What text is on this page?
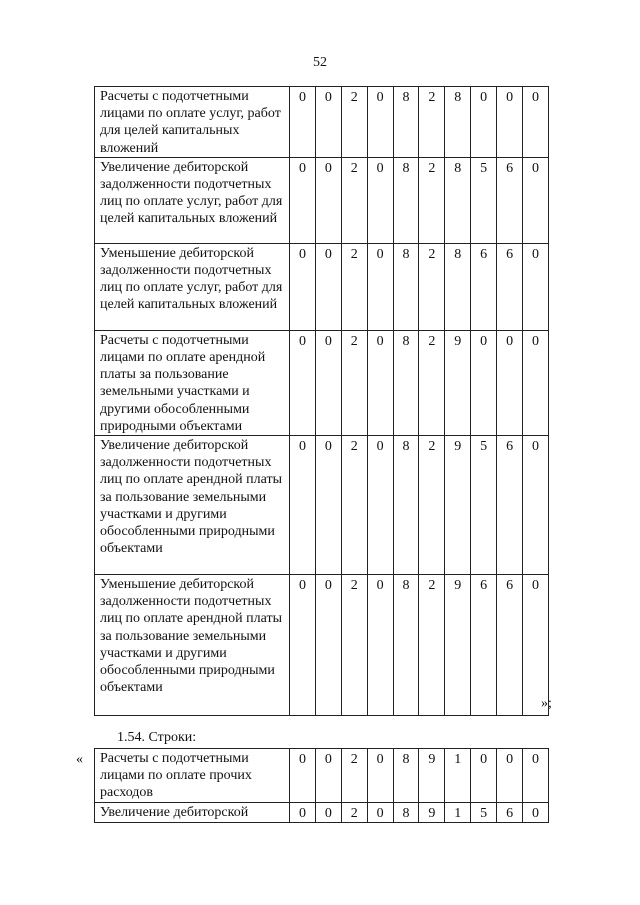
52
Расчеты с подотчетными лицами по оплате услуг, работ для целей капитальных вложений	0	0	2	0	8	2	8	0	0	0
Увеличение дебиторской задолженности подотчетных лиц по оплате услуг, работ для целей капитальных вложений	0	0	2	0	8	2	8	5	6	0
Уменьшение дебиторской задолженности подотчетных лиц по оплате услуг, работ для целей капитальных вложений	0	0	2	0	8	2	8	6	6	0
Расчеты с подотчетными лицами по оплате арендной платы за пользование земельными участками и другими обособленными природными объектами	0	0	2	0	8	2	9	0	0	0
Увеличение дебиторской задолженности подотчетных лиц по оплате арендной платы за пользование земельными участками и другими обособленными природными объектами	0	0	2	0	8	2	9	5	6	0
Уменьшение дебиторской задолженности подотчетных лиц по оплате арендной платы за пользование земельными участками и другими обособленными природными объектами	0	0	2	0	8	2	9	6	6	0
»;
1.54. Строки:
« Расчеты с подотчетными лицами по оплате прочих расходов	0	0	2	0	8	9	1	0	0	0
Увеличение дебиторской	0	0	2	0	8	9	1	5	6	0
